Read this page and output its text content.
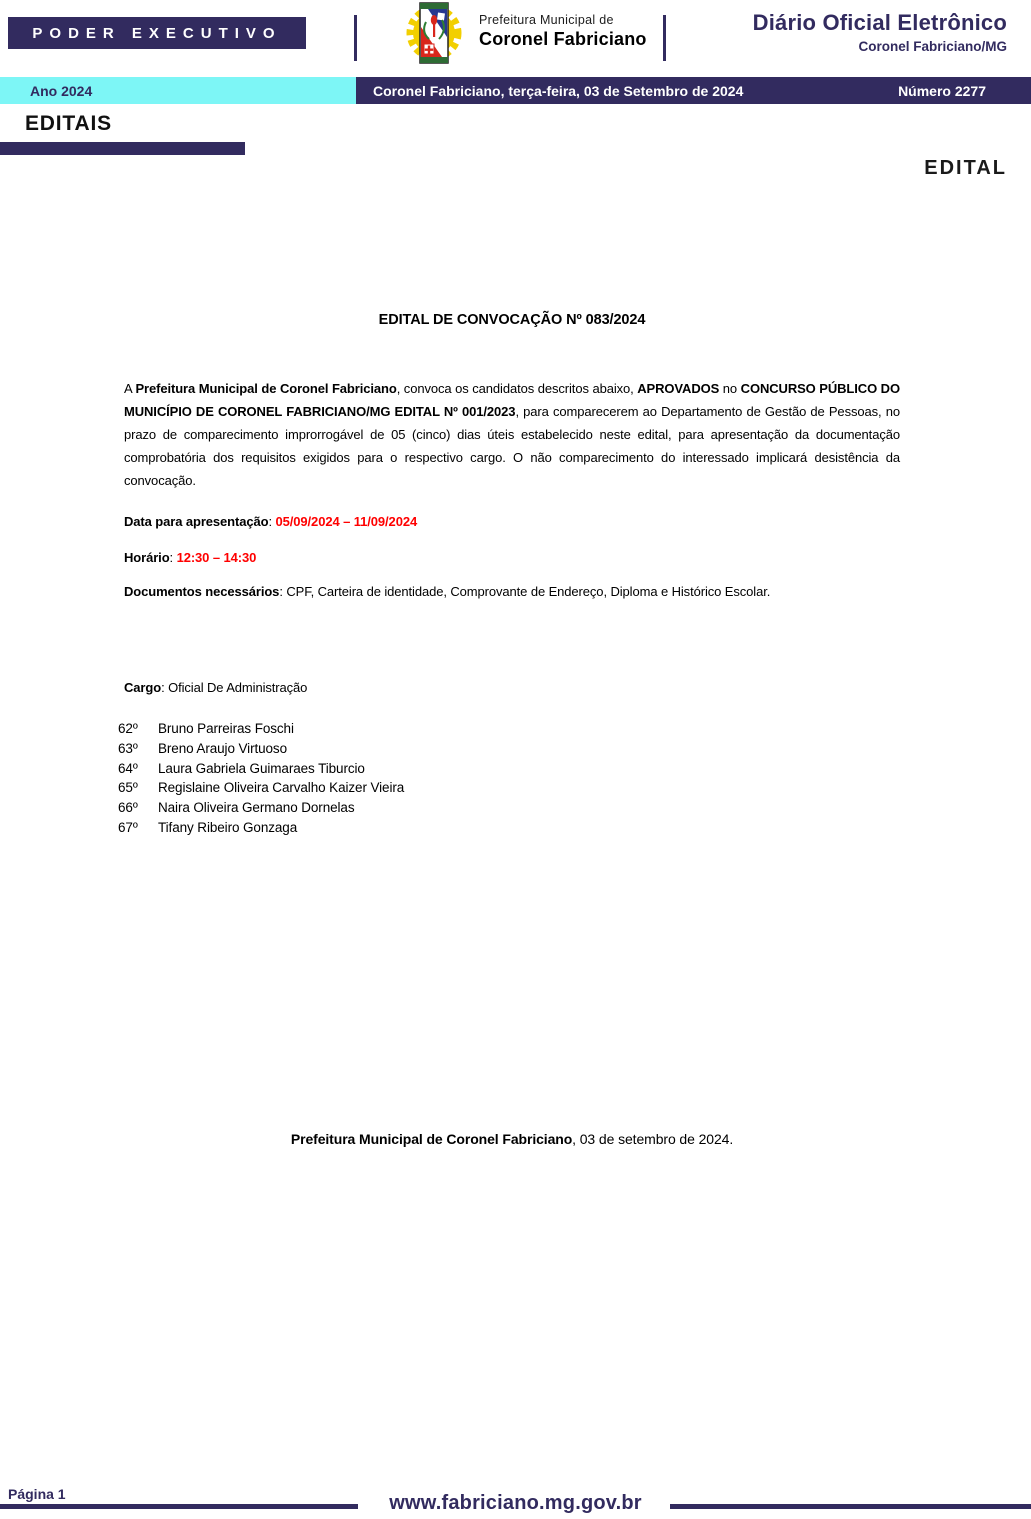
PODER EXECUTIVO
Prefeitura Municipal de
Coronel Fabriciano
Diário Oficial Eletrônico
Coronel Fabriciano/MG
Ano 2024	Coronel Fabriciano, terça-feira, 03 de Setembro de 2024	Número 2277
EDITAIS
EDITAL
EDITAL DE CONVOCAÇÃO Nº 083/2024
A Prefeitura Municipal de Coronel Fabriciano, convoca os candidatos descritos abaixo, APROVADOS no CONCURSO PÚBLICO DO MUNICÍPIO DE CORONEL FABRICIANO/MG EDITAL Nº 001/2023, para comparecerem ao Departamento de Gestão de Pessoas, no prazo de comparecimento improrrogável de 05 (cinco) dias úteis estabelecido neste edital, para apresentação da documentação comprobatória dos requisitos exigidos para o respectivo cargo. O não comparecimento do interessado implicará desistência da convocação.
Data para apresentação: 05/09/2024 – 11/09/2024
Horário: 12:30 – 14:30
Documentos necessários: CPF, Carteira de identidade, Comprovante de Endereço, Diploma e Histórico Escolar.
Cargo: Oficial De Administração
62º	Bruno Parreiras Foschi
63º	Breno Araujo Virtuoso
64º	Laura Gabriela Guimaraes Tiburcio
65º	Regislaine Oliveira Carvalho Kaizer Vieira
66º	Naira Oliveira Germano Dornelas
67º	Tifany Ribeiro Gonzaga
Prefeitura Municipal de Coronel Fabriciano, 03 de setembro de 2024.
Página 1	www.fabriciano.mg.gov.br
